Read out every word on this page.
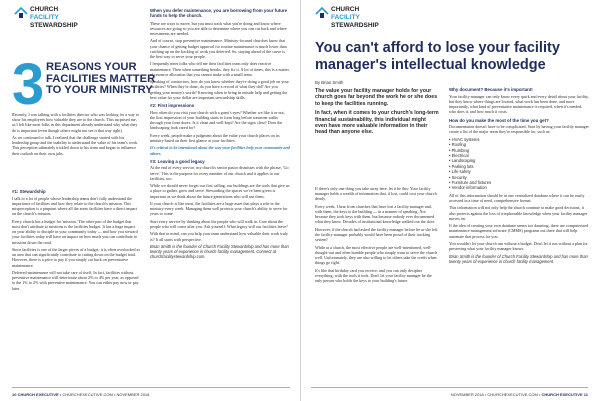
CHURCH
FACILITY
STEWARDSHIP
3 REASONS YOUR FACILITIES MATTER TO YOUR MINISTRY

Recently, I was talking with a facilities director who was looking for a way to show his employees how valuable they are to the church. This surprised me, as I felt like most folks in this department already understand why what they do is important (even though others might not see it that way right).

As we continued to talk, I realized that the challenge started with his leadership group and the inability to understand the value of his team's work. This perception ultimately trickled down to his team and began to influence their outlook on their own jobs.

#1: Stewardship

I talk to a lot of people whose leadership teams don't fully understand the importance of facilities and how they relate to the church's mission. This misperception is a pinpoint where all the areas facilities have a direct impact on the church's mission.

Every church has a budget for 'mission.' The other part of the budget that most don't attribute to missions is the facilities budget. It has a huge impact on your ability to disciple in your community today — and how you steward your facilities today will have an impact on how much you can contribute to missions down the road.

Since facilities is one of the larger pieces of a budget, it is often overlooked as an area that can significantly contribute to cutting down on the budget total. However, there is a price to pay if you simply cut back on preventative maintenance.

Deferred maintenance will not take care of itself. In fact, facilities without preventive maintenance will deteriorate about 2% to 4% per year, as opposed to the 1% to 2% with preventive maintenance. You can either pay now or pay later.

When you defer maintenance, you are borrowing from your future funds to help the church.

These are ways to move, but you must track what you're doing and know where resources are going so you are able to determine where you can cut back and where investments are needed.

And of course, stop preventive maintenance. Ministry-focused churches know that your chance of getting budget approval for routine maintenance is much lower than catching up on the backlog of work you deferred. So, staying ahead of the curve is the best way to serve your people.

I frequently meet folks who tell me their facilities team only does reactive maintenance. Then when something breaks, they fix it. A lot of times, this is a matter of resource allocation that you cannot make with a small team.

Speaking of contractors, how do you know whether they're doing a good job on your facilities? When they're done, do you have a record of what they did? Are you getting your money's worth? Knowing when to bring in outside help and getting the best value for your dollar are important stewardship skills.

#2: First impressions

How often do you visit your church with a guest's eyes? Whether we like it or not, the first impression of your building starts to form long before someone walks through your front doors. Is it clean and well-kept? Are the signs clear? Does the landscaping look cared for?

Every week, people make a judgment about the value your church places on its ministry based on their first glance at your facilities.

It's critical to be intentional about the way your facilities help your community and others.

#3: Leaving a good legacy

At the end of every service, my church's senior pastor dismisses with the phrase, 'Go serve.' This is the purpose for every member of our church and it applies to our facilities, too.

While we should never forget our first calling, our buildings are the tools that give us a place to gather, grow and serve. Stewarding the spaces we've been given is important as we think about the future generations who will use them.

If your church is like most, the facilities are a huge asset that plays a role in the ministry every week. Managing them well protects your church's ability to serve for years to come.

Start every service by thinking about the people who will walk in. Care about the people who will come after you. Ask yourself: What legacy will our facilities leave?

With that in mind, can you help your team understand how valuable their work truly is? It all starts with perspective.

Brian Smith is the founder of Church Facility Stewardship and has more than twenty years of experience in church facility management. Connect at churchfacilitystewardship.com.

10 CHURCH EXECUTIVE • CHURCHEXECUTIVE.COM • NOVEMBER 2018
CHURCH
FACILITY
STEWARDSHIP
You can't afford to lose your facility manager's intellectual knowledge
By Brian Smith

The value your facility manager holds for your church goes far beyond the work he or she does to keep the facilities running.

In fact, when it comes to your church's long-term financial sustainability, this individual might even have more valuable information in their head than anyone else.

If there's only one thing you take away here, let it be this: Your facility manager holds a wealth of information that, if lost, could cost your church dearly.

Every week, I hear from churches that have lost a facility manager and, with them, the keys to the building — in a manner of speaking. Not because they took keys with them, but because nobody ever documented what they knew. Decades of institutional knowledge walked out the door.

However, if the church had asked the facility manager before he or she left, the facility manager probably would have been proud of their tracking system!

While at a church, the most effective people are well-intentioned, well-thought-out and often humble people who simply want to serve the church well. Unfortunately, they are also willing to let others take the credit when things go right.

It's like that birthday card you receive, and you can only decipher everything, with the tools it took. Don't let your facility manager be the only person who holds the keys to your building's future.

Why document? Because it's important!

Your facility manager can only know every quirk and every detail about your facility, but they know where things are located, what work has been done, and more importantly, what kind of preventative maintenance is required, when it's needed, who does it, and how much it costs.

How do you make the most of the time you get?

Documentation doesn't have to be complicated. Start by having your facility manager create a list of the major areas they're responsible for, such as:

• HVAC systems
• Roofing
• Plumbing
• Electrical
• Landscaping
• Parking lots
• Life safety
• Security
• Furniture and fixtures
• Vendor information

All of this information should be in one centralized database where it can be easily accessed in a time of need, comprehensive format.

This information will not only help the church continue to make good decisions, it also protects against the loss of irreplaceable knowledge when your facility manager moves on.

If the idea of creating your own database seems too daunting, there are computerized maintenance management software (CMMS) programs out there that will help automate that process for you.

You wouldn't let your church run without a budget. Don't let it run without a plan for preserving what your facility manager knows.

Brian Smith is the founder of Church Facility Stewardship and has more than twenty years of experience in church facility management.

NOVEMBER 2018 • CHURCHEXECUTIVE.COM • CHURCH EXECUTIVE 11
